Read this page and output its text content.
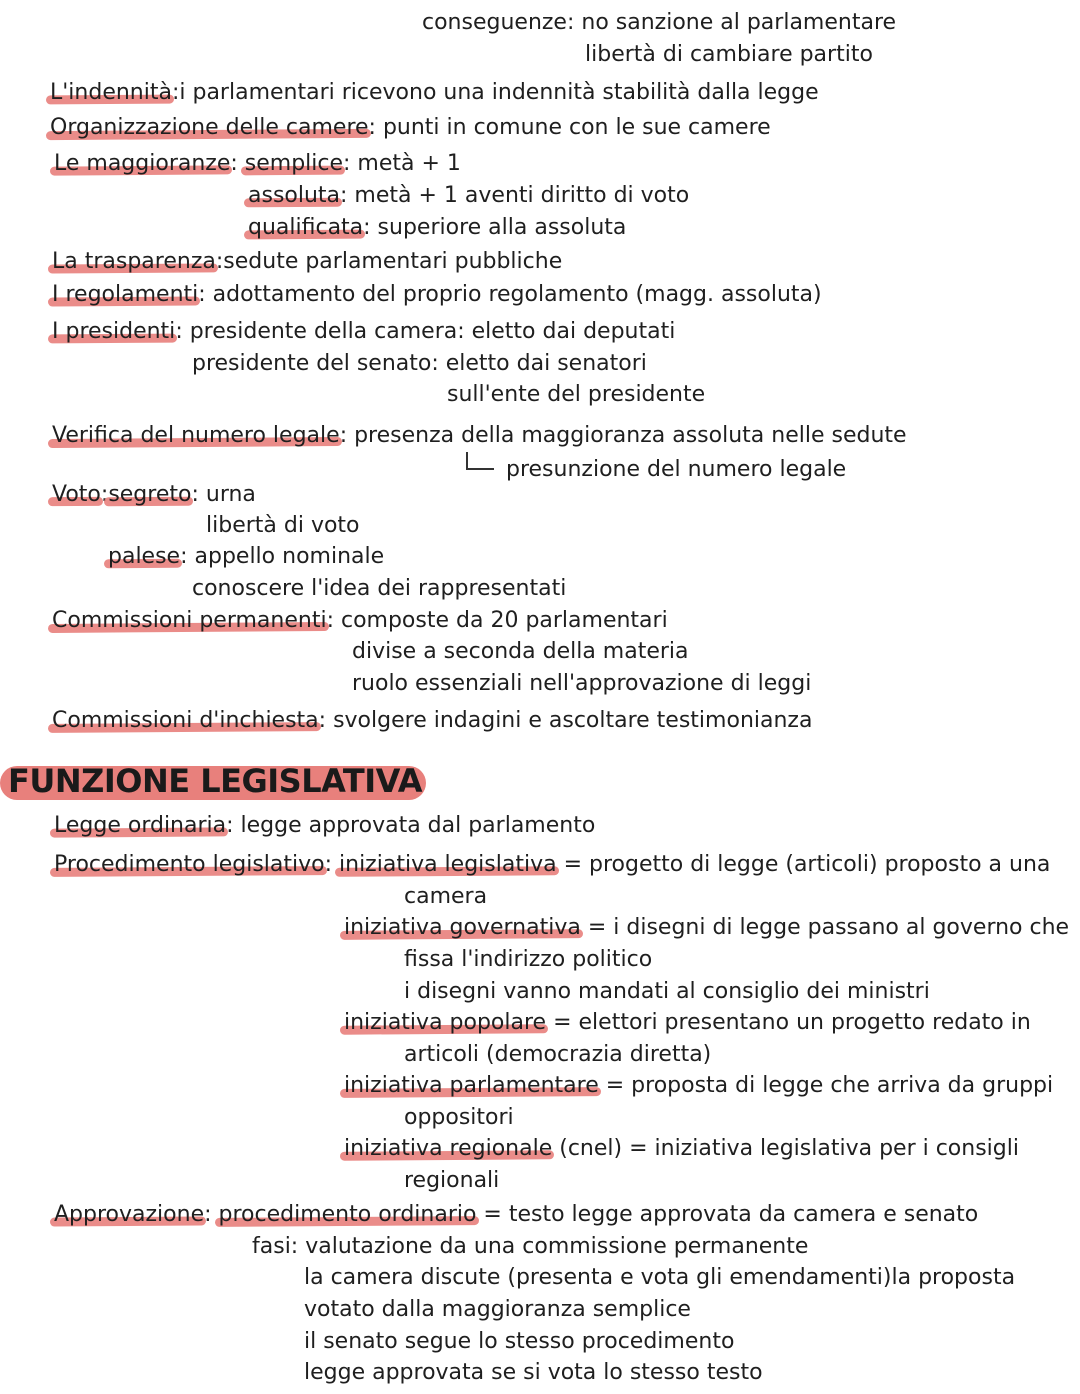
conseguenze: no sanzione al parlamentare
libertà di cambiare partito
L'indennità:i parlamentari ricevono una indennità stabilità dalla legge
Organizzazione delle camere: punti in comune con le sue camere
Le maggioranze: semplice: metà + 1
assoluta: metà + 1 aventi diritto di voto
qualificata: superiore alla assoluta
La trasparenza:sedute parlamentari pubbliche
I regolamenti: adottamento del proprio regolamento (magg. assoluta)
I presidenti: presidente della camera: eletto dai deputati
presidente del senato: eletto dai senatori
sull'ente del presidente
Verifica del numero legale: presenza della maggioranza assoluta nelle sedute
presunzione del numero legale
Voto:segreto: urna
libertà di voto
palese: appello nominale
conoscere l'idea dei rappresentati
Commissioni permanenti: composte da 20 parlamentari
divise a seconda della materia
ruolo essenziali nell'approvazione di leggi
Commissioni d'inchiesta: svolgere indagini e ascoltare testimonianza
Legge ordinaria: legge approvata dal parlamento
Procedimento legislativo: iniziativa legislativa = progetto di legge (articoli) proposto a una
camera
iniziativa governativa = i disegni di legge passano al governo che
fissa l'indirizzo politico
i disegni vanno mandati al consiglio dei ministri
iniziativa popolare = elettori presentano un progetto redato in
articoli (democrazia diretta)
iniziativa parlamentare = proposta di legge che arriva da gruppi
oppositori
iniziativa regionale (cnel) = iniziativa legislativa per i consigli
regionali
Approvazione: procedimento ordinario = testo legge approvata da camera e senato
fasi: valutazione da una commissione permanente
la camera discute (presenta e vota gli emendamenti)la proposta
votato dalla maggioranza semplice
il senato segue lo stesso procedimento
legge approvata se si vota lo stesso testo
FUNZIONE LEGISLATIVA
